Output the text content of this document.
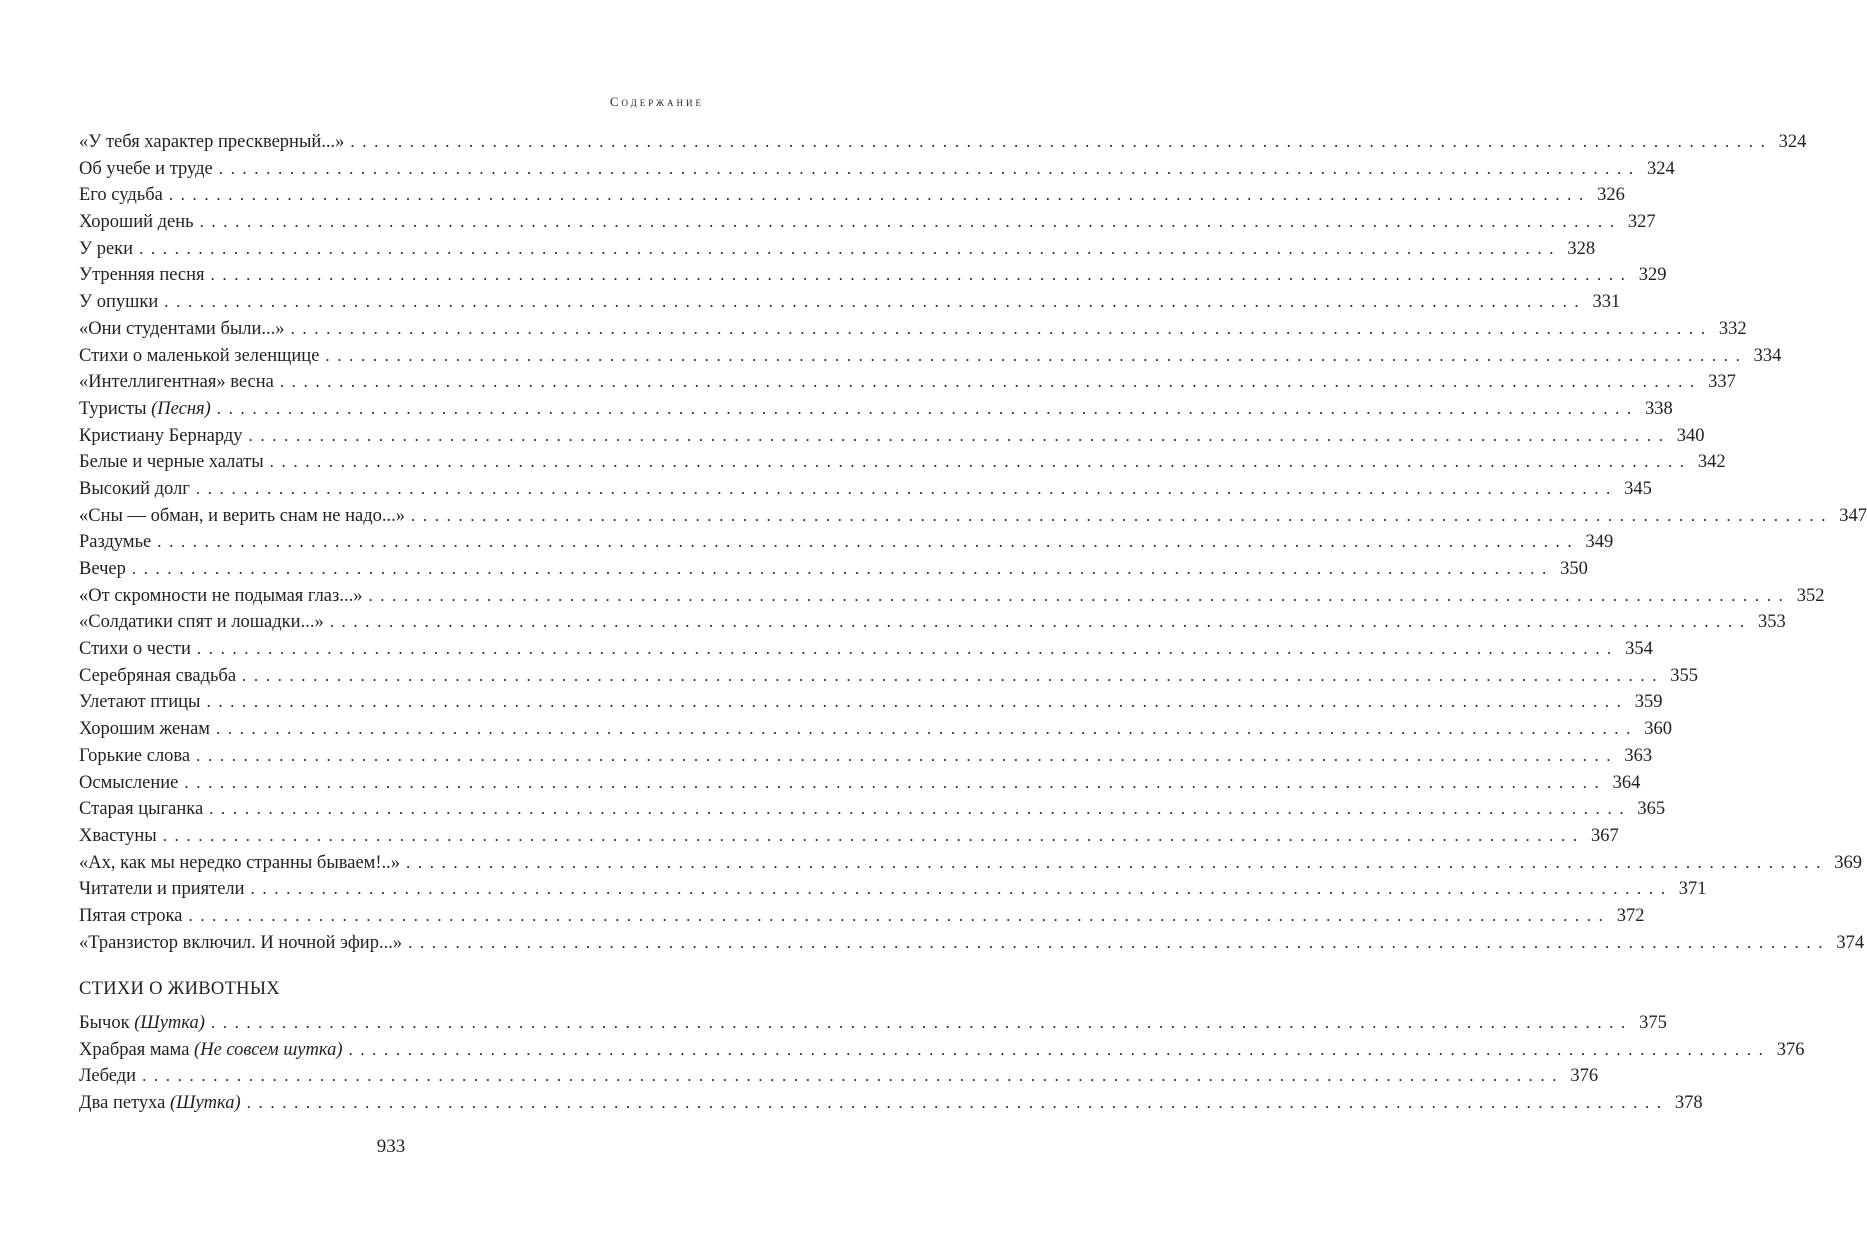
Содержание
«У тебя характер прескверный...» ........................................................................................................................ 324
Об учебе и труде ........................................................................................................................ 324
Его судьба ........................................................................................................................ 326
Хороший день ........................................................................................................................ 327
У реки ........................................................................................................................ 328
Утренняя песня ........................................................................................................................ 329
У опушки ........................................................................................................................ 331
«Они студентами были...» ........................................................................................................................ 332
Стихи о маленькой зеленщице ........................................................................................................................ 334
«Интеллигентная» весна ........................................................................................................................ 337
Туристы (Песня) ........................................................................................................................ 338
Кристиану Бернарду ........................................................................................................................ 340
Белые и черные халаты ........................................................................................................................ 342
Высокий долг ........................................................................................................................ 345
«Сны — обман, и верить снам не надо...» ........................................................................................................................ 347
Раздумье ........................................................................................................................ 349
Вечер ........................................................................................................................ 350
«От скромности не подымая глаз...» ........................................................................................................................ 352
«Солдатики спят и лошадки...» ........................................................................................................................ 353
Стихи о чести ........................................................................................................................ 354
Серебряная свадьба ........................................................................................................................ 355
Улетают птицы ........................................................................................................................ 359
Хорошим женам ........................................................................................................................ 360
Горькие слова ........................................................................................................................ 363
Осмысление ........................................................................................................................ 364
Старая цыганка ........................................................................................................................ 365
Хвастуны ........................................................................................................................ 367
«Ах, как мы нередко странны бываем!..» ........................................................................................................................ 369
Читатели и приятели ........................................................................................................................ 371
Пятая строка ........................................................................................................................ 372
«Транзистор включил. И ночной эфир...» ........................................................................................................................ 374
СТИХИ О ЖИВОТНЫХ
Бычок (Шутка) ........................................................................................................................ 375
Храбрая мама (Не совсем шутка) ........................................................................................................................ 376
Лебеди ........................................................................................................................ 376
Два петуха (Шутка) ........................................................................................................................ 378
933
